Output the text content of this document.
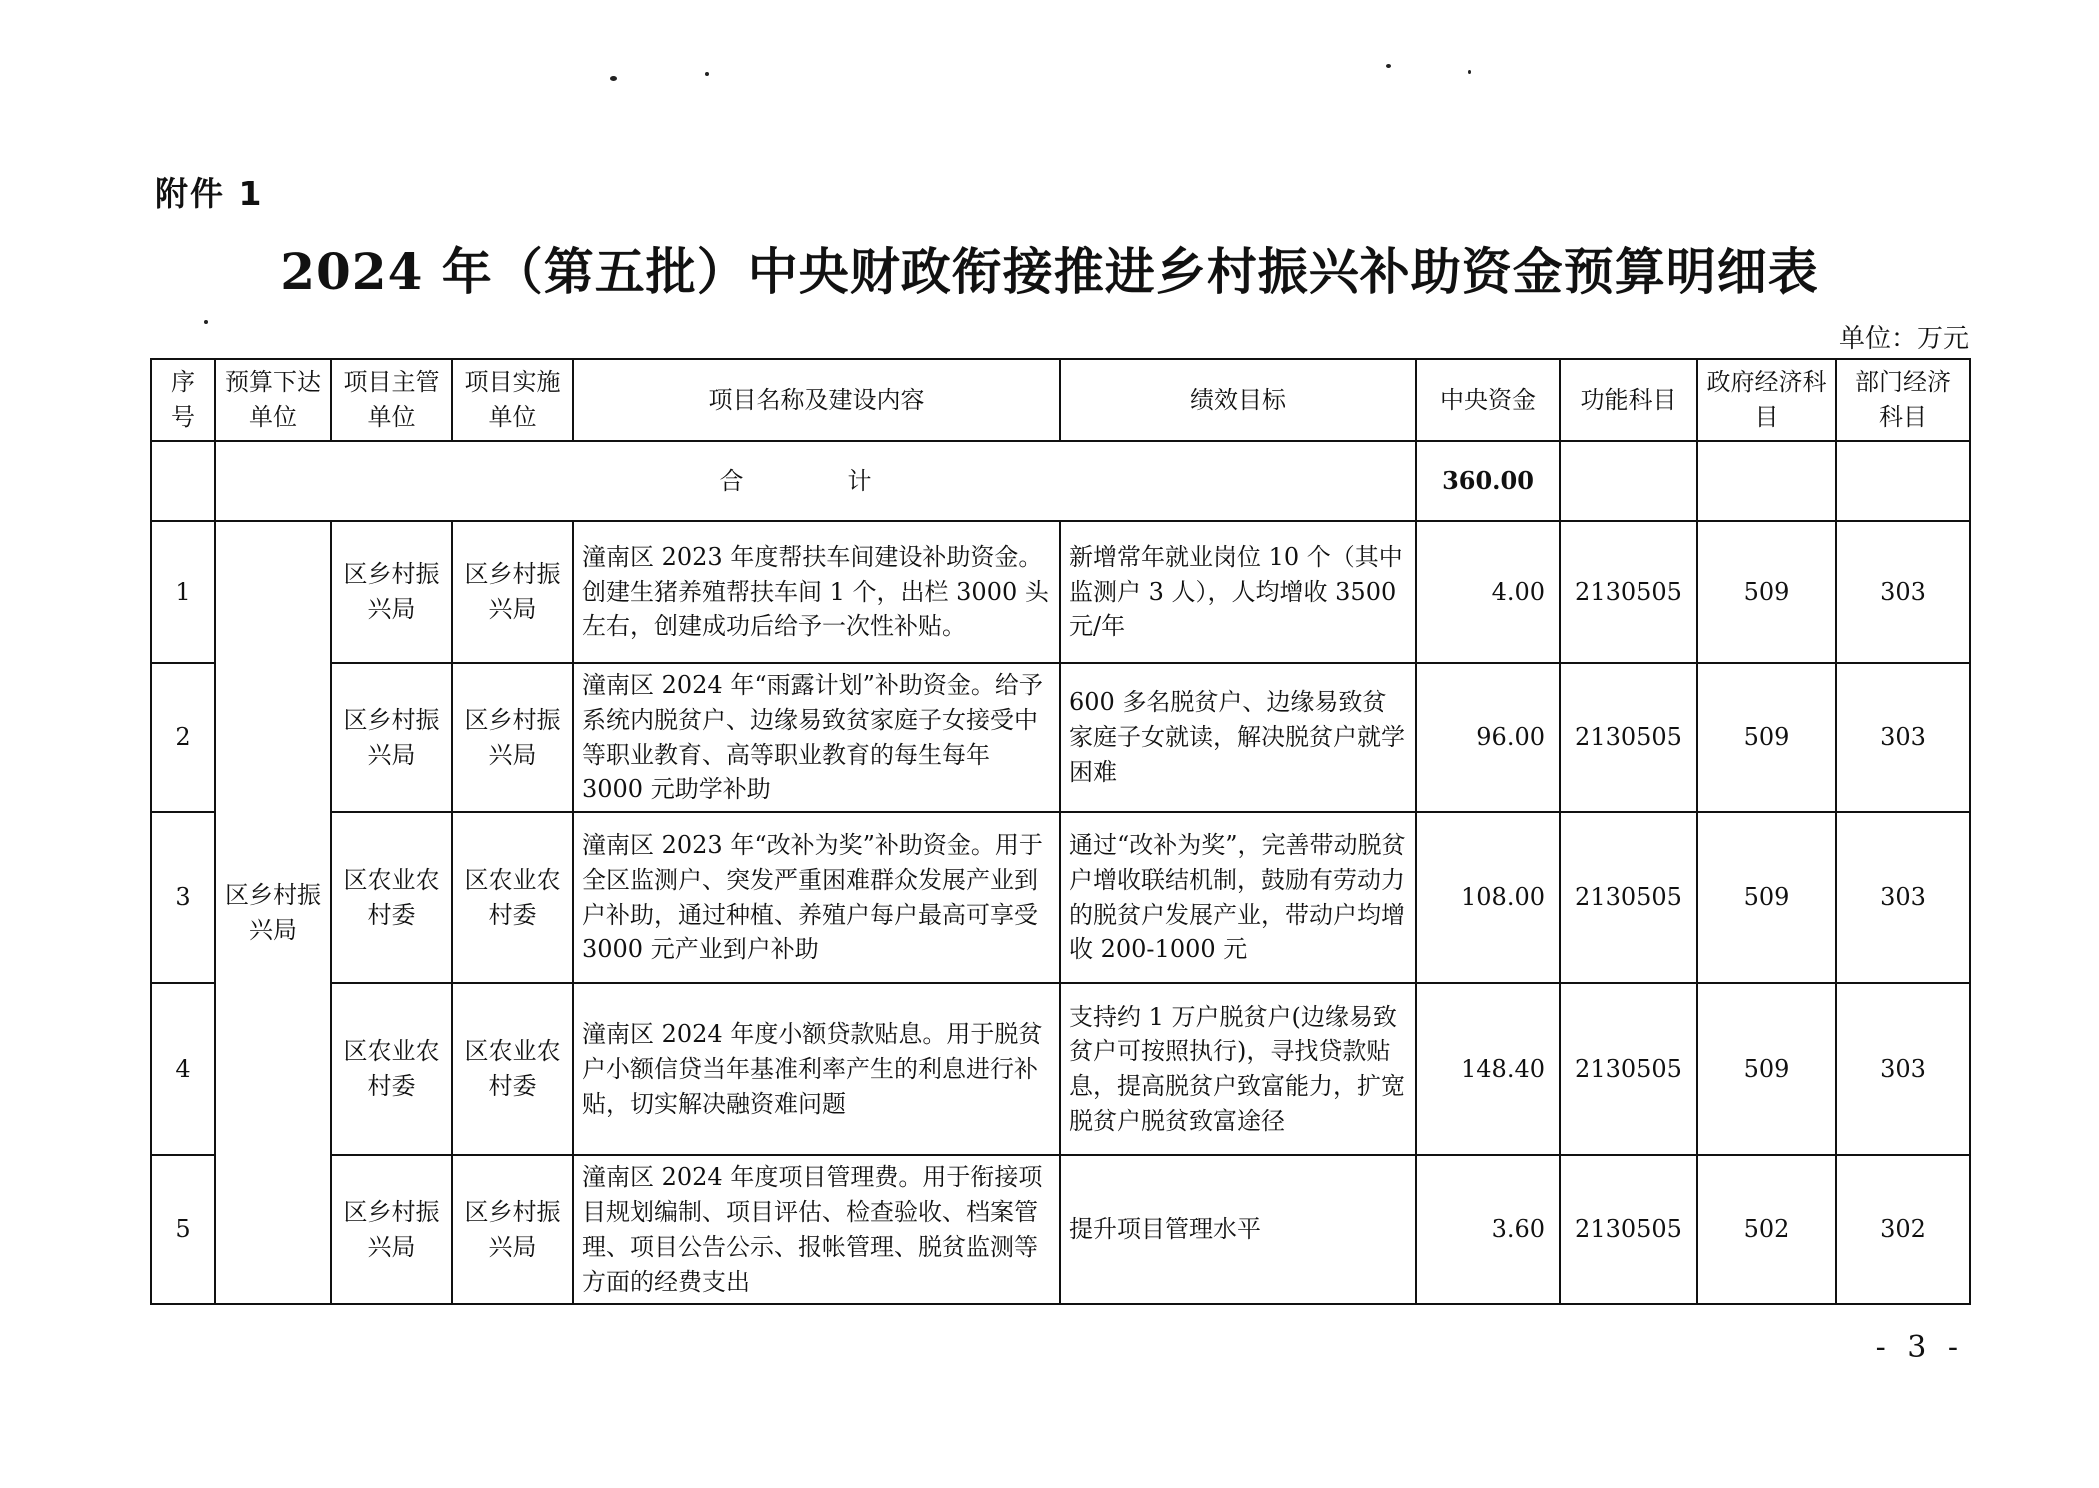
附件 1
2024 年（第五批）中央财政衔接推进乡村振兴补助资金预算明细表
单位：万元
序号	预算下达单位	项目主管单位	项目实施单位	项目名称及建设内容	绩效目标	中央资金	功能科目	政府经济科目	部门经济科目
	合　计					360.00			
1	区乡村振兴局	区乡村振兴局	区乡村振兴局	潼南区 2023 年度帮扶车间建设补助资金。创建生猪养殖帮扶车间 1 个，出栏 3000 头左右，创建成功后给予一次性补贴。	新增常年就业岗位 10 个（其中监测户 3 人），人均增收 3500 元/年	4.00	2130505	509	303
2		区乡村振兴局	区乡村振兴局	潼南区 2024 年“雨露计划”补助资金。给予系统内脱贫户、边缘易致贫家庭子女接受中等职业教育、高等职业教育的每生每年 3000 元助学补助	600 多名脱贫户、边缘易致贫家庭子女就读，解决脱贫户就学困难	96.00	2130505	509	303
3		区农业农村委	区农业农村委	潼南区 2023 年“改补为奖”补助资金。用于全区监测户、突发严重困难群众发展产业到户补助，通过种植、养殖户每户最高可享受 3000 元产业到户补助	通过“改补为奖”，完善带动脱贫户增收联结机制，鼓励有劳动力的脱贫户发展产业，带动户均增收 200-1000 元	108.00	2130505	509	303
4		区农业农村委	区农业农村委	潼南区 2024 年度小额贷款贴息。用于脱贫户小额信贷当年基准利率产生的利息进行补贴，切实解决融资难问题	支持约 1 万户脱贫户(边缘易致贫户可按照执行)，寻找贷款贴息，提高脱贫户致富能力，扩宽脱贫户脱贫致富途径	148.40	2130505	509	303
5		区乡村振兴局	区乡村振兴局	潼南区 2024 年度项目管理费。用于衔接项目规划编制、项目评估、检查验收、档案管理、项目公告公示、报帐管理、脱贫监测等方面的经费支出	提升项目管理水平	3.60	2130505	502	302
- 3 -
